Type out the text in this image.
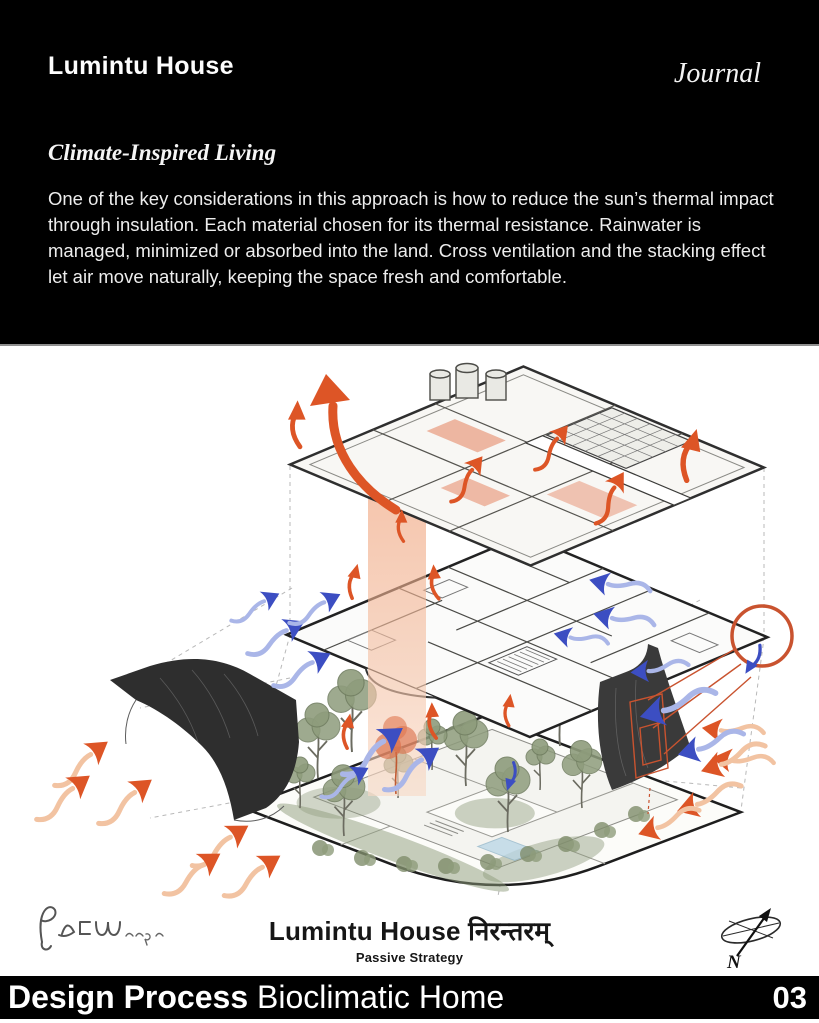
Lumintu House	Journal
Climate-Inspired Living
One of the key considerations in this approach is how to reduce the sun’s thermal impact through insulation. Each material chosen for its thermal resistance. Rainwater is managed, minimized or absorbed into the land. Cross ventilation and the stacking effect let air move naturally, keeping the space fresh and comfortable.
Lumintu House निरन्तरम्
Passive Strategy	N
Design Process Bioclimatic Home	03
